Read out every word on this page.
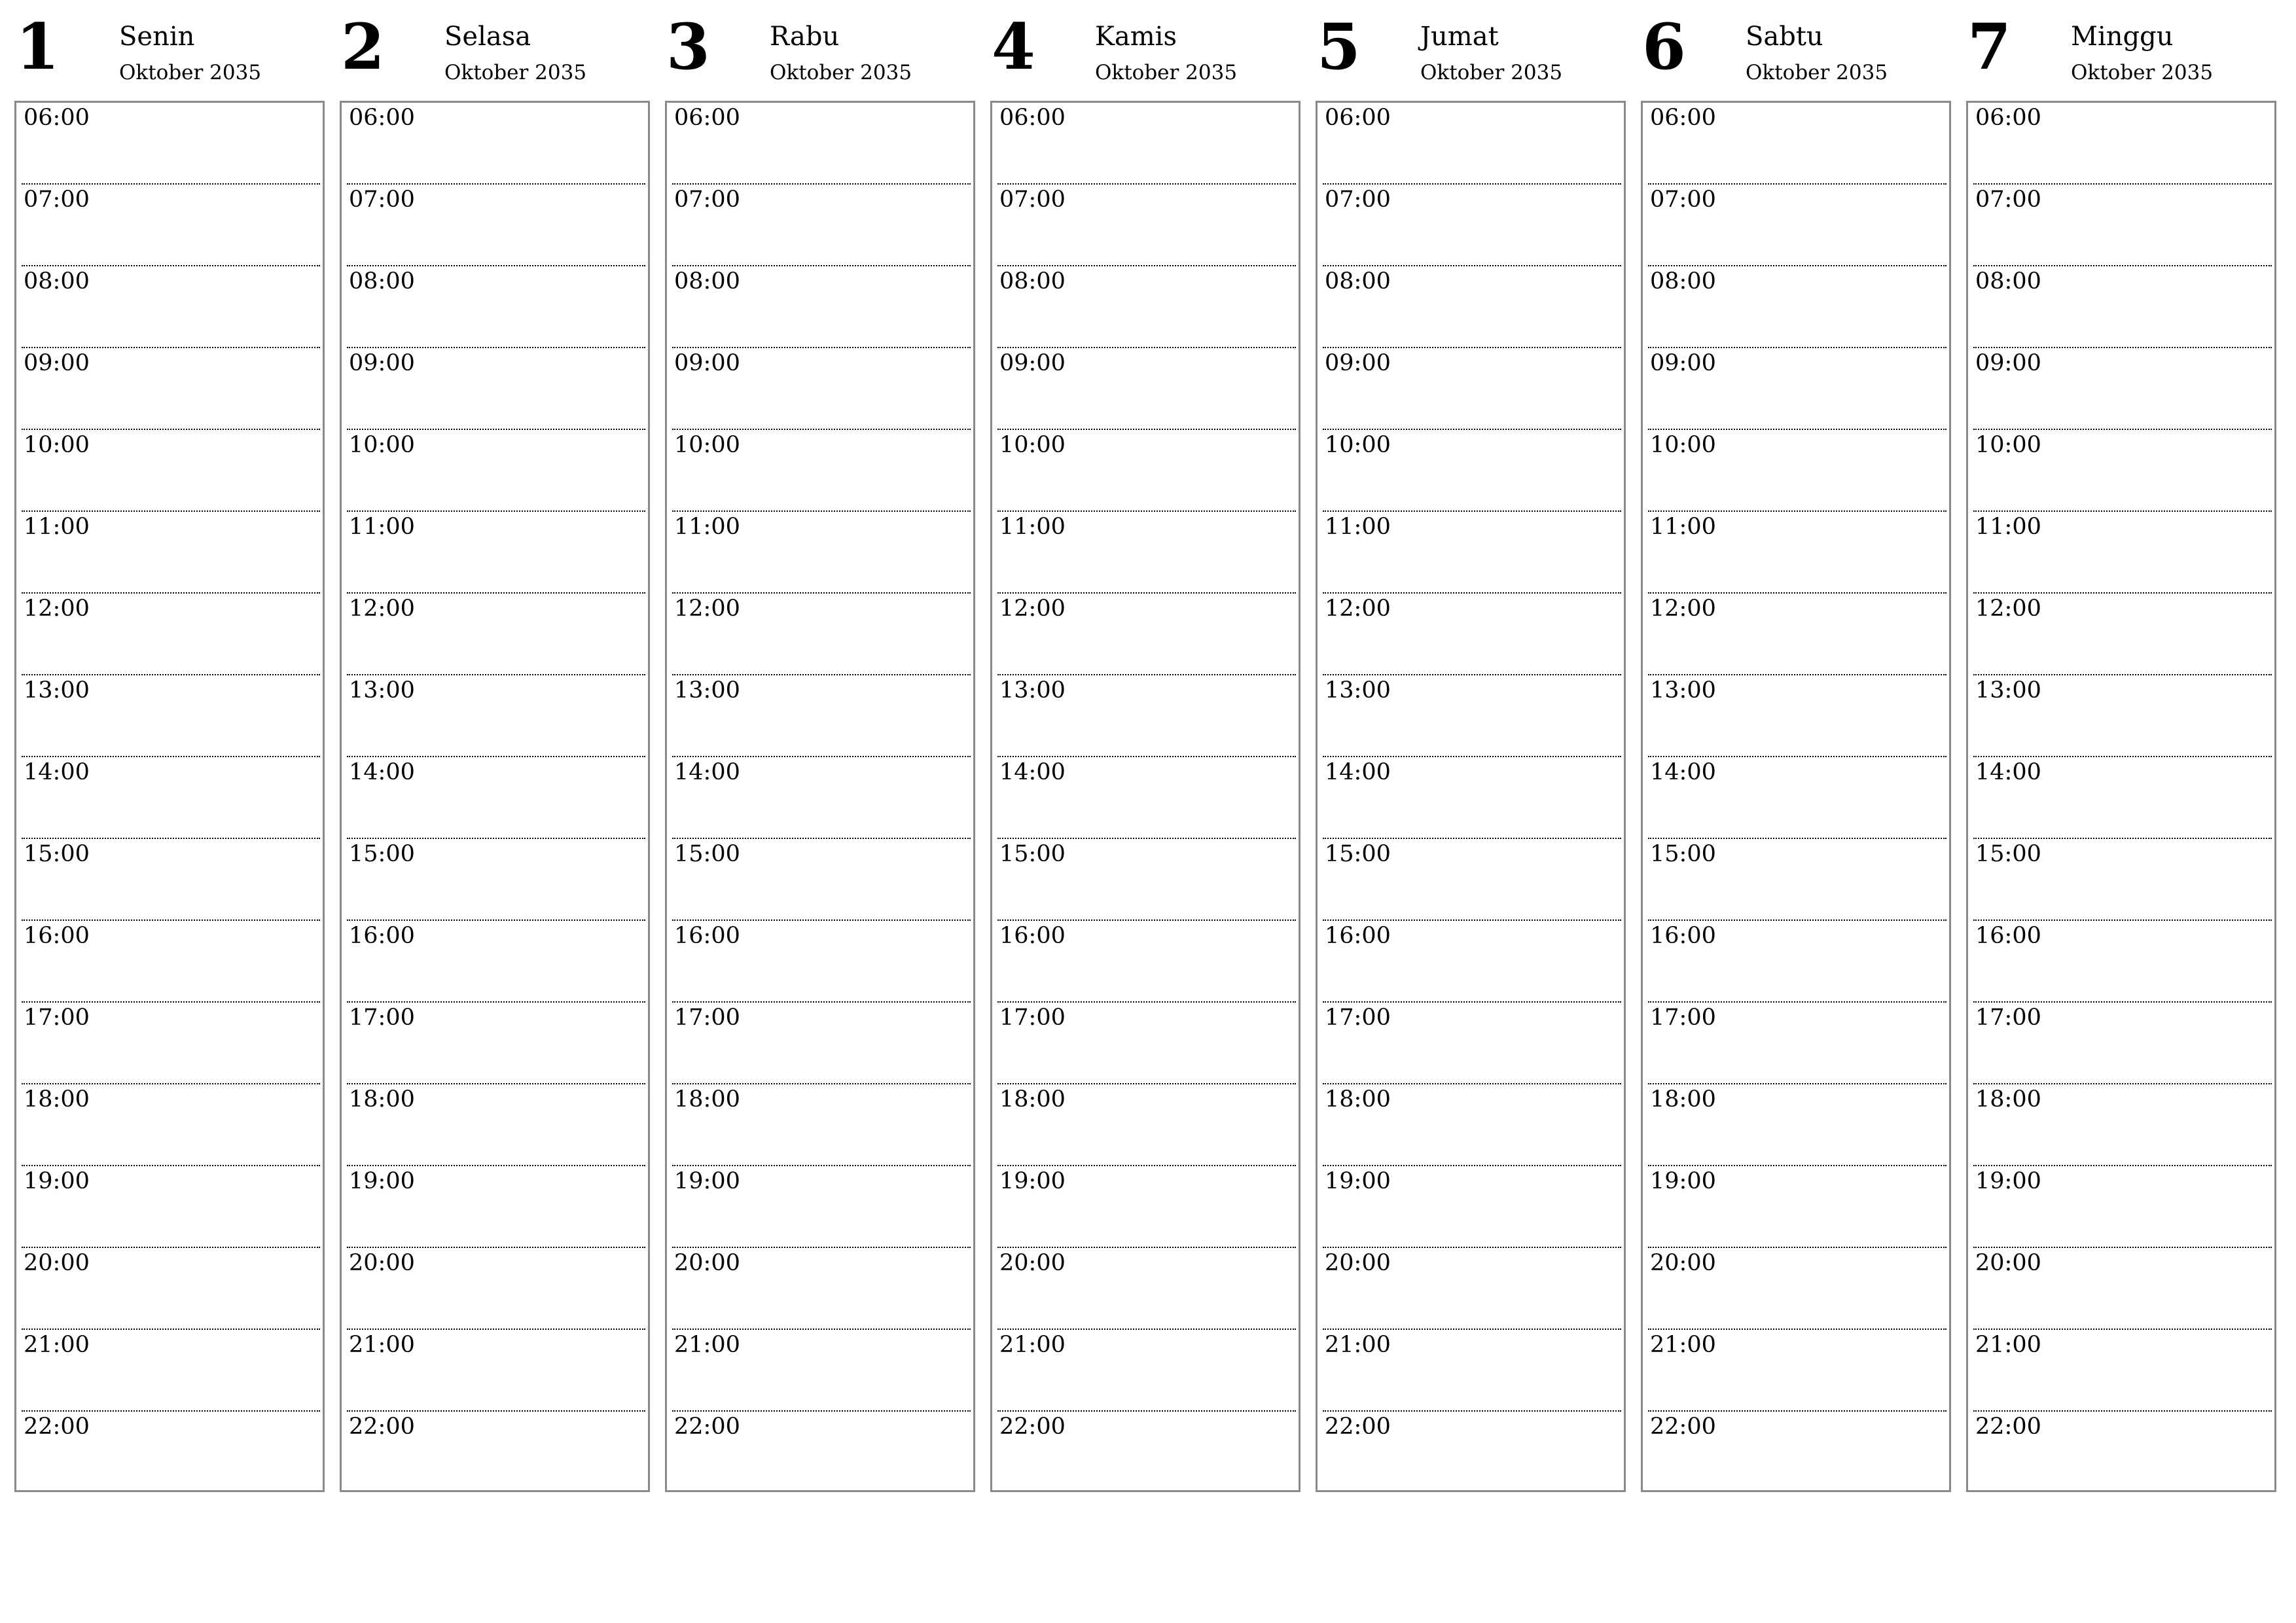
1 Senin
Oktober 2035
06:00
07:00
08:00
09:00
10:00
11:00
12:00
13:00
14:00
15:00
16:00
17:00
18:00
19:00
20:00
21:00
22:00
2 Selasa
Oktober 2035
06:00
07:00
08:00
09:00
10:00
11:00
12:00
13:00
14:00
15:00
16:00
17:00
18:00
19:00
20:00
21:00
22:00
3 Rabu
Oktober 2035
06:00
07:00
08:00
09:00
10:00
11:00
12:00
13:00
14:00
15:00
16:00
17:00
18:00
19:00
20:00
21:00
22:00
4 Kamis
Oktober 2035
06:00
07:00
08:00
09:00
10:00
11:00
12:00
13:00
14:00
15:00
16:00
17:00
18:00
19:00
20:00
21:00
22:00
5 Jumat
Oktober 2035
06:00
07:00
08:00
09:00
10:00
11:00
12:00
13:00
14:00
15:00
16:00
17:00
18:00
19:00
20:00
21:00
22:00
6 Sabtu
Oktober 2035
06:00
07:00
08:00
09:00
10:00
11:00
12:00
13:00
14:00
15:00
16:00
17:00
18:00
19:00
20:00
21:00
22:00
7 Minggu
Oktober 2035
06:00
07:00
08:00
09:00
10:00
11:00
12:00
13:00
14:00
15:00
16:00
17:00
18:00
19:00
20:00
21:00
22:00
